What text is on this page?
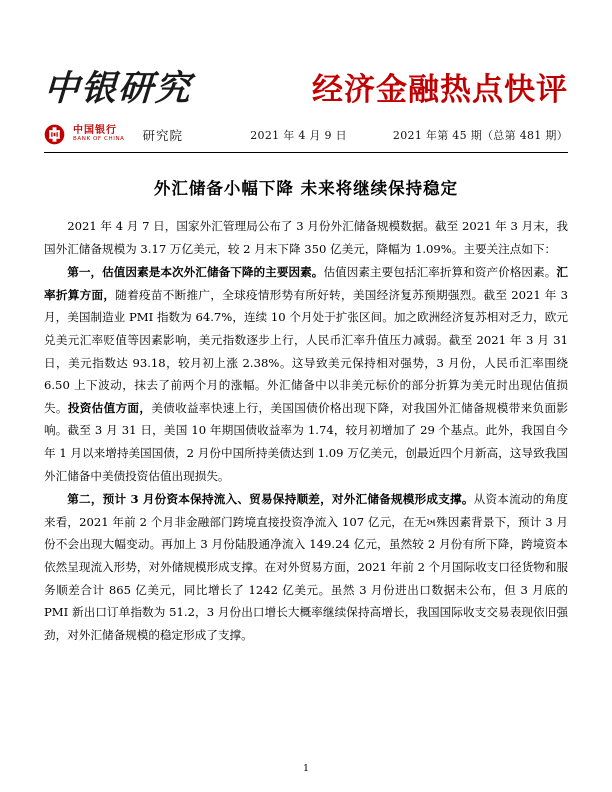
中银研究	经济金融热点快评
中国银行
BANK OF CHINA 研究院	2021 年 4 月 9 日	2021 年第 45 期（总第 481 期）
外汇储备小幅下降 未来将继续保持稳定

2021 年 4 月 7 日，国家外汇管理局公布了 3 月份外汇储备规模数据。截至 2021 年 3 月末，我国外汇储备规模为 3.17 万亿美元，较 2 月末下降 350 亿美元，降幅为 1.09%。主要关注点如下：

第一，估值因素是本次外汇储备下降的主要因素。估值因素主要包括汇率折算和资产价格因素。汇率折算方面，随着疫苗不断推广，全球疫情形势有所好转，美国经济复苏预期强烈。截至 2021 年 3 月，美国制造业 PMI 指数为 64.7%，连续 10 个月处于扩张区间。加之欧洲经济复苏相对乏力，欧元兑美元汇率贬值等因素影响，美元指数逐步上行，人民币汇率升值压力减弱。截至 2021 年 3 月 31 日，美元指数达 93.18，较月初上涨 2.38%。这导致美元保持相对强势，3 月份，人民币汇率围绕 6.50 上下波动，抹去了前两个月的涨幅。外汇储备中以非美元标价的部分折算为美元时出现估值损失。投资估值方面，美债收益率快速上行，美国国债价格出现下降，对我国外汇储备规模带来负面影响。截至 3 月 31 日，美国 10 年期国债收益率为 1.74，较月初增加了 29 个基点。此外，我国自今年 1 月以来增持美国国债，2 月份中国所持美债达到 1.09 万亿美元，创最近四个月新高，这导致我国外汇储备中美债投资估值出现损失。

第二，预计 3 月份资本保持流入、贸易保持顺差，对外汇储备规模形成支撑。从资本流动的角度来看，2021 年前 2 个月非金融部门跨境直接投资净流入 107 亿元，在无ખ殊因素背景下，预计 3 月份不会出现大幅变动。再加上 3 月份陆股通净流入 149.24 亿元，虽然较 2 月份有所下降，跨境资本依然呈现流入形势，对外储规模形成支撑。在对外贸易方面，2021 年前 2 个月国际收支口径货物和服务顺差合计 865 亿美元，同比增长了 1242 亿美元。虽然 3 月份进出口数据未公布，但 3 月底的 PMI 新出口订单指数为 51.2，3 月份出口增长大概率继续保持高增长，我国国际收支交易表现依旧强劲，对外汇储备规模的稳定形成了支撑。

1
